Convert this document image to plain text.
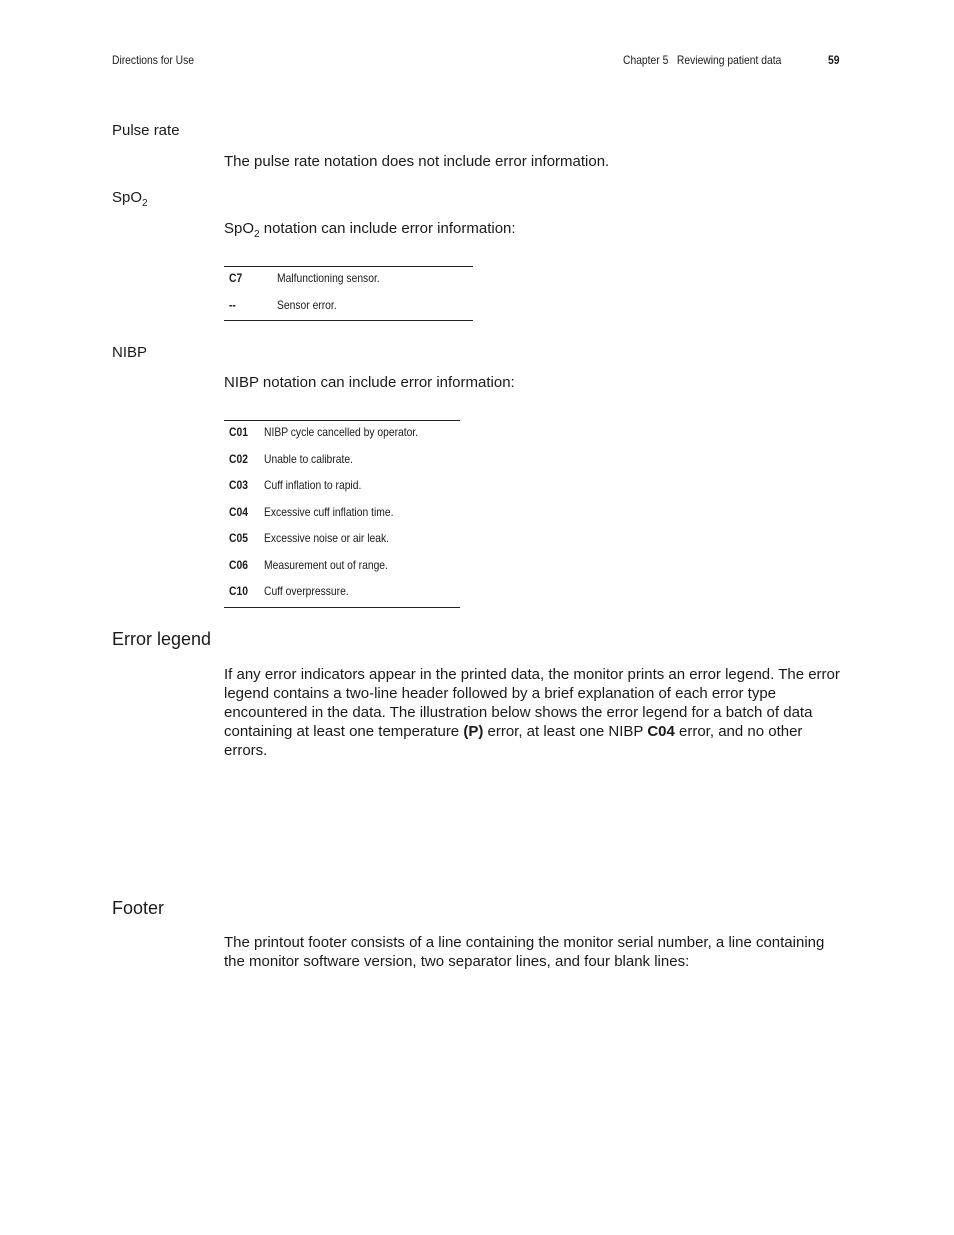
Directions for Use	Chapter 5   Reviewing patient data	59
Pulse rate
The pulse rate notation does not include error information.
SpO$_2$
SpO$_2$ notation can include error information:
C7	Malfunctioning sensor.
--	Sensor error.
NIBP
NIBP notation can include error information:
C01 NIBP cycle cancelled by operator.
C02 Unable to calibrate.
C03 Cuff inflation to rapid.
C04 Excessive cuff inflation time.
C05 Excessive noise or air leak.
C06 Measurement out of range.
C10 Cuff overpressure.
Error legend
If any error indicators appear in the printed data, the monitor prints an error legend. The error legend contains a two-line header followed by a brief explanation of each error type encountered in the data. The illustration below shows the error legend for a batch of data containing at least one temperature (P) error, at least one NIBP C04 error, and no other errors.
Footer
The printout footer consists of a line containing the monitor serial number, a line containing the monitor software version, two separator lines, and four blank lines:
